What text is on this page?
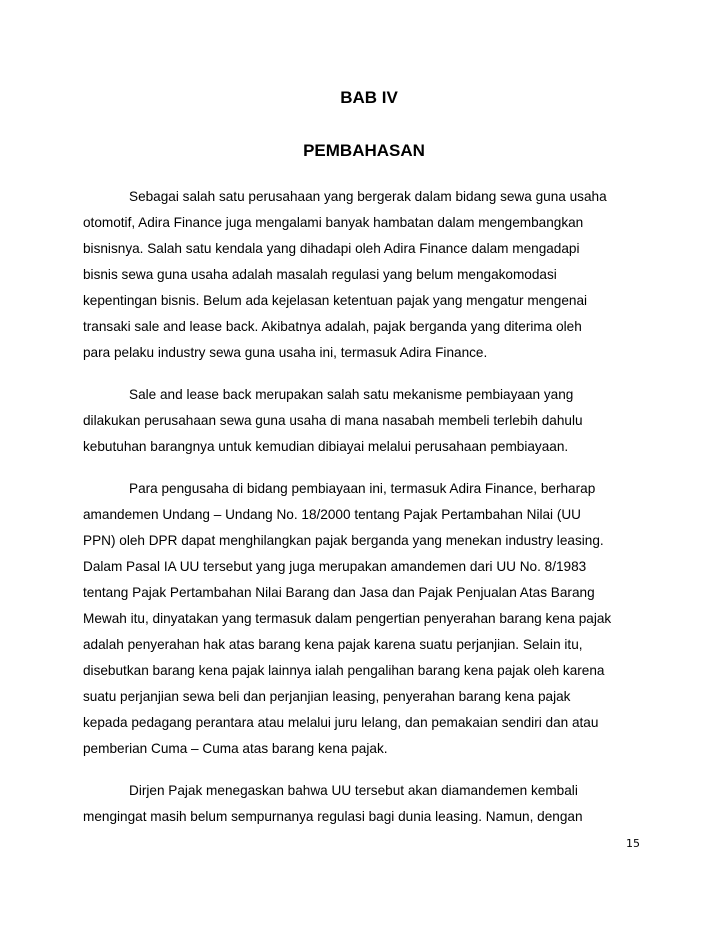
BAB IV
PEMBAHASAN

Sebagai salah satu perusahaan yang bergerak dalam bidang sewa guna usaha
otomotif, Adira Finance juga mengalami banyak hambatan dalam mengembangkan
bisnisnya. Salah satu kendala yang dihadapi oleh Adira Finance dalam mengadapi
bisnis sewa guna usaha adalah masalah regulasi yang belum mengakomodasi
kepentingan bisnis. Belum ada kejelasan ketentuan pajak yang mengatur mengenai
transaki sale and lease back. Akibatnya adalah, pajak berganda yang diterima oleh
para pelaku industry sewa guna usaha ini, termasuk Adira Finance.

Sale and lease back merupakan salah satu mekanisme pembiayaan yang
dilakukan perusahaan sewa guna usaha di mana nasabah membeli terlebih dahulu
kebutuhan barangnya untuk kemudian dibiayai melalui perusahaan pembiayaan.

Para pengusaha di bidang pembiayaan ini, termasuk Adira Finance, berharap
amandemen Undang – Undang No. 18/2000 tentang Pajak Pertambahan Nilai (UU
PPN) oleh DPR dapat menghilangkan pajak berganda yang menekan industry leasing.
Dalam Pasal IA UU tersebut yang juga merupakan amandemen dari UU No. 8/1983
tentang Pajak Pertambahan Nilai Barang dan Jasa dan Pajak Penjualan Atas Barang
Mewah itu, dinyatakan yang termasuk dalam pengertian penyerahan barang kena pajak
adalah penyerahan hak atas barang kena pajak karena suatu perjanjian. Selain itu,
disebutkan barang kena pajak lainnya ialah pengalihan barang kena pajak oleh karena
suatu perjanjian sewa beli dan perjanjian leasing, penyerahan barang kena pajak
kepada pedagang perantara atau melalui juru lelang, dan pemakaian sendiri dan atau
pemberian Cuma – Cuma atas barang kena pajak.

Dirjen Pajak menegaskan bahwa UU tersebut akan diamandemen kembali
mengingat masih belum sempurnanya regulasi bagi dunia leasing. Namun, dengan

15
